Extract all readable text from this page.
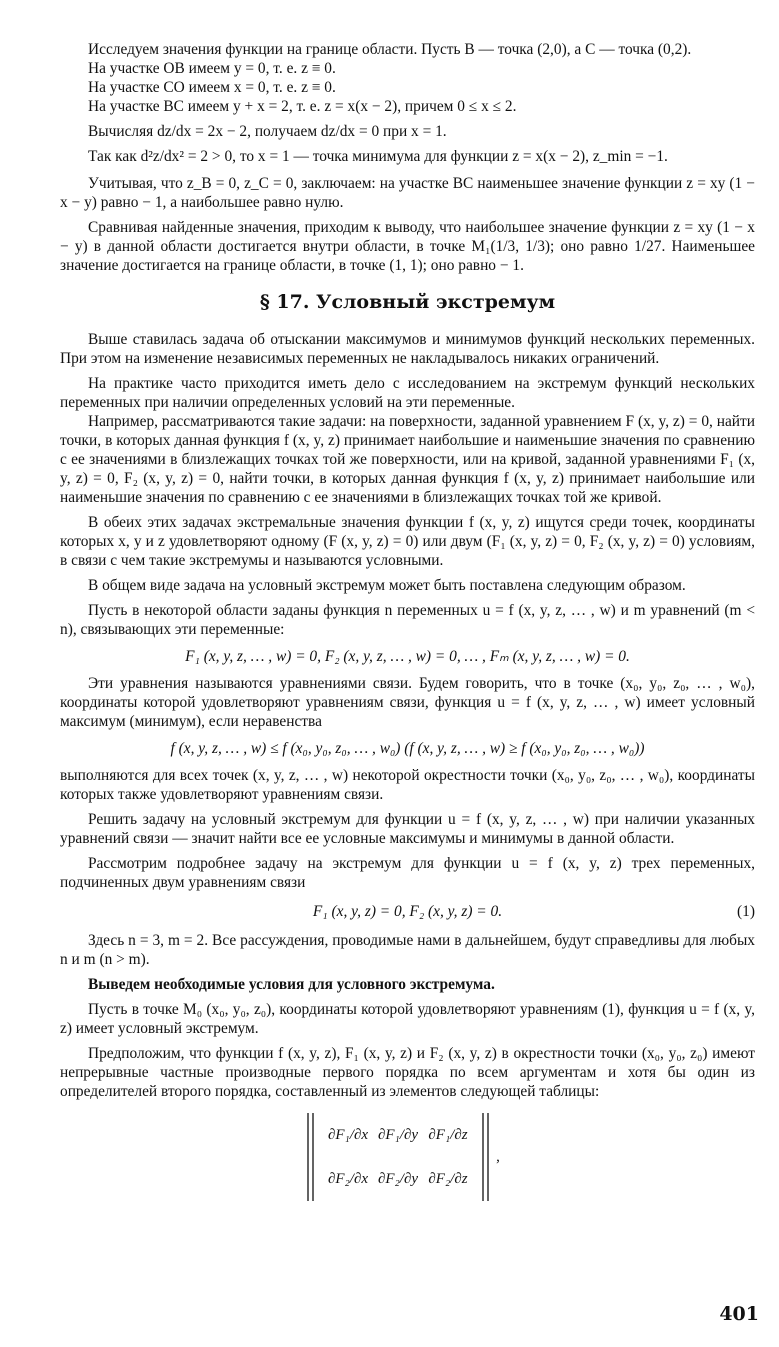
Исследуем значения функции на границе области. Пусть B — точка (2,0), а C — точка (0,2).

На участке OB имеем y = 0, т. е. z ≡ 0.

На участке CO имеем x = 0, т. е. z ≡ 0.

На участке BC имеем y + x = 2, т. е. z = x(x − 2), причем 0 ≤ x ≤ 2.

Вычисляя dz/dx = 2x − 2, получаем dz/dx = 0 при x = 1.

Так как d²z/dx² = 2 > 0, то x = 1 — точка минимума для функции z = x(x − 2), z_min = −1.

Учитывая, что z_B = 0, z_C = 0, заключаем: на участке BC наименьшее значение функции z = xy (1 − x − y) равно − 1, а наибольшее равно нулю.

Сравнивая найденные значения, приходим к выводу, что наибольшее значение функции z = xy (1 − x − y) в данной области достигается внутри области, в точке M₁(1/3, 1/3); оно равно 1/27. Наименьшее значение достигается на границе области, в точке (1, 1); оно равно − 1.

§ 17. Условный экстремум

Выше ставилась задача об отыскании максимумов и минимумов функций нескольких переменных. При этом на изменение независимых переменных не накладывалось никаких ограничений.

На практике часто приходится иметь дело с исследованием на экстремум функций нескольких переменных при наличии определенных условий на эти переменные.

Например, рассматриваются такие задачи: на поверхности, заданной уравнением F (x, y, z) = 0, найти точки, в которых данная функция f (x, y, z) принимает наибольшие и наименьшие значения по сравнению с ее значениями в близлежащих точках той же поверхности, или на кривой, заданной уравнениями F₁ (x, y, z) = 0, F₂ (x, y, z) = 0, найти точки, в которых данная функция f (x, y, z) принимает наибольшие или наименьшие значения по сравнению с ее значениями в близлежащих точках той же кривой.

В обеих этих задачах экстремальные значения функции f (x, y, z) ищутся среди точек, координаты которых x, y и z удовлетворяют одному (F (x, y, z) = 0) или двум (F₁ (x, y, z) = 0, F₂ (x, y, z) = 0) условиям, в связи с чем такие экстремумы и называются условными.

В общем виде задача на условный экстремум может быть поставлена следующим образом.

Пусть в некоторой области заданы функция n переменных u = f (x, y, z, … , w) и m уравнений (m < n), связывающих эти переменные:

F₁ (x, y, z, … , w) = 0, F₂ (x, y, z, … , w) = 0, … , Fₘ (x, y, z, … , w) = 0.

Эти уравнения называются уравнениями связи. Будем говорить, что в точке (x₀, y₀, z₀, … , w₀), координаты которой удовлетворяют уравнениям связи, функция u = f (x, y, z, … , w) имеет условный максимум (минимум), если неравенства

f (x, y, z, … , w) ≤ f (x₀, y₀, z₀, … , w₀) (f (x, y, z, … , w) ≥ f (x₀, y₀, z₀, … , w₀))

выполняются для всех точек (x, y, z, … , w) некоторой окрестности точки (x₀, y₀, z₀, … , w₀), координаты которых также удовлетворяют уравнениям связи.

Решить задачу на условный экстремум для функции u = f (x, y, z, … , w) при наличии указанных уравнений связи — значит найти все ее условные максимумы и минимумы в данной области.

Рассмотрим подробнее задачу на экстремум для функции u = f (x, y, z) трех переменных, подчиненных двум уравнениям связи

F₁ (x, y, z) = 0, F₂ (x, y, z) = 0.	(1)

Здесь n = 3, m = 2. Все рассуждения, проводимые нами в дальнейшем, будут справедливы для любых n и m (n > m).

Выведем необходимые условия для условного экстремума.

Пусть в точке M₀ (x₀, y₀, z₀), координаты которой удовлетворяют уравнениям (1), функция u = f (x, y, z) имеет условный экстремум.

Предположим, что функции f (x, y, z), F₁ (x, y, z) и F₂ (x, y, z) в окрестности точки (x₀, y₀, z₀) имеют непрерывные частные производные первого порядка по всем аргументам и хотя бы один из определителей второго порядка, составленный из элементов следующей таблицы:

∂F₁/∂x ∂F₁/∂y ∂F₁/∂z
∂F₂/∂x ∂F₂/∂y ∂F₂/∂z
,
401
